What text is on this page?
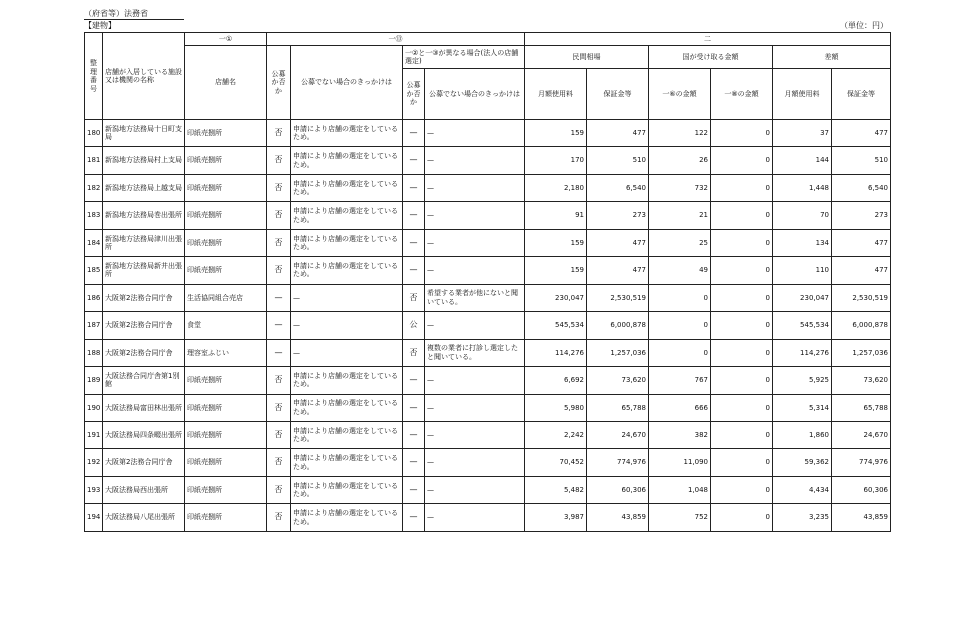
（府省等）法務省
【建物】	（単位：円）
整理番号	店舗が入居している施設又は機関の名称	一①	一⑬				二					
		店舗名	公募か否か	公募でない場合のきっかけは	一②と一③が異なる場合(法人の店舗選定)		民間相場		国が受け取る金額		差額	
					公募か否か	公募でない場合のきっかけは	月額使用料	保証金等	一⑥の金額	一⑧の金額	月額使用料	保証金等
180	新潟地方法務局十日町支局	印紙売捌所	否	申請により店舗の選定をしているため。	—	—	159	477	122	0	37	477
181	新潟地方法務局村上支局	印紙売捌所	否	申請により店舗の選定をしているため。	—	—	170	510	26	0	144	510
182	新潟地方法務局上越支局	印紙売捌所	否	申請により店舗の選定をしているため。	—	—	2,180	6,540	732	0	1,448	6,540
183	新潟地方法務局巻出張所	印紙売捌所	否	申請により店舗の選定をしているため。	—	—	91	273	21	0	70	273
184	新潟地方法務局津川出張所	印紙売捌所	否	申請により店舗の選定をしているため。	—	—	159	477	25	0	134	477
185	新潟地方法務局新井出張所	印紙売捌所	否	申請により店舗の選定をしているため。	—	—	159	477	49	0	110	477
186	大阪第2法務合同庁舎	生活協同組合売店	—	—	否	希望する業者が他にないと聞いている。	230,047	2,530,519	0	0	230,047	2,530,519
187	大阪第2法務合同庁舎	食堂	—	—	公	—	545,534	6,000,878	0	0	545,534	6,000,878
188	大阪第2法務合同庁舎	理容室ふじい	—	—	否	複数の業者に打診し選定したと聞いている。	114,276	1,257,036	0	0	114,276	1,257,036
189	大阪法務合同庁舎第1別館	印紙売捌所	否	申請により店舗の選定をしているため。	—	—	6,692	73,620	767	0	5,925	73,620
190	大阪法務局富田林出張所	印紙売捌所	否	申請により店舗の選定をしているため。	—	—	5,980	65,788	666	0	5,314	65,788
191	大阪法務局四条畷出張所	印紙売捌所	否	申請により店舗の選定をしているため。	—	—	2,242	24,670	382	0	1,860	24,670
192	大阪第2法務合同庁舎	印紙売捌所	否	申請により店舗の選定をしているため。	—	—	70,452	774,976	11,090	0	59,362	774,976
193	大阪法務局西出張所	印紙売捌所	否	申請により店舗の選定をしているため。	—	—	5,482	60,306	1,048	0	4,434	60,306
194	大阪法務局八尾出張所	印紙売捌所	否	申請により店舗の選定をしているため。	—	—	3,987	43,859	752	0	3,235	43,859
